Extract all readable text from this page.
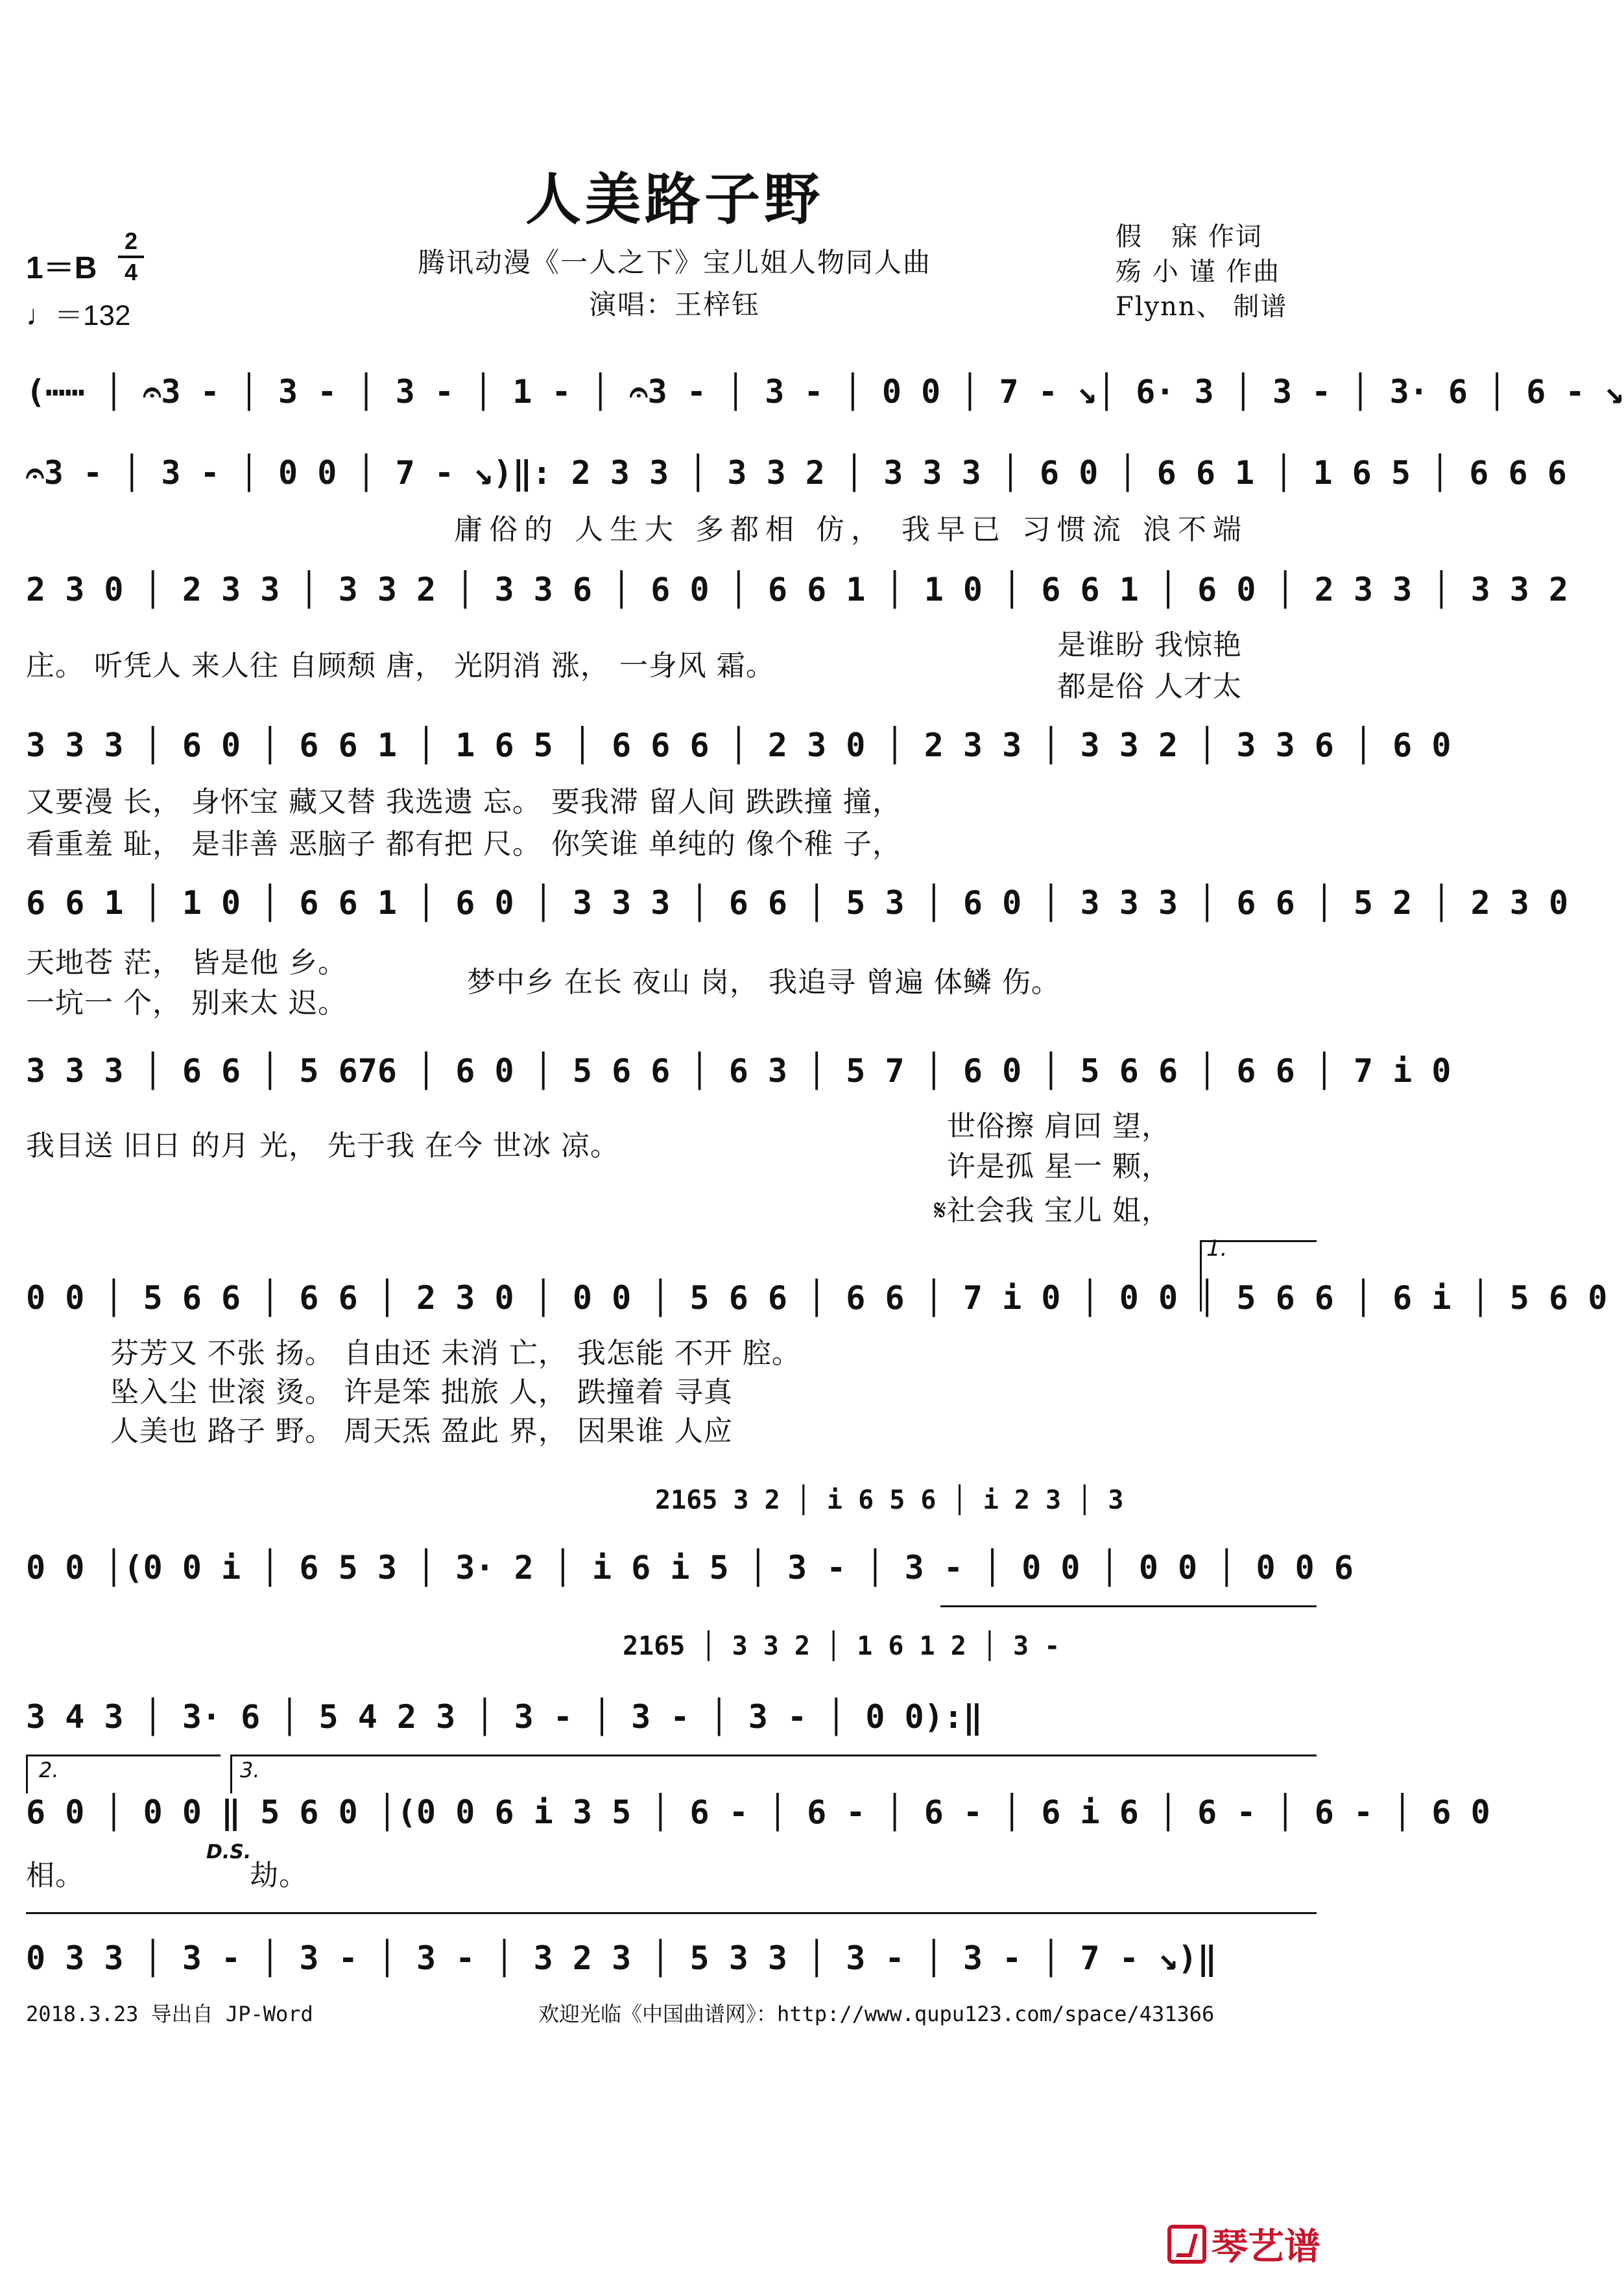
人美路子野
腾讯动漫《一人之下》宝儿姐人物同人曲
演唱：王梓钰
1＝B
2
4
♩＝132
假   寐 作词
殇 小 谨 作曲
Flynn、 制谱
(⋯⋯ │ 𝄐3 - │ 3 - │ 3 - │ 1 - │ 𝄐3 - │ 3 - │ 0 0 │ 7 - ↘│ 6· 3 │ 3 - │ 3· 6 │ 6 - ↘
𝄐3 - │ 3 - │ 0 0 │ 7 - ↘)‖: 2 3 3 │ 3 3 2 │ 3 3 3 │ 6 0 │ 6 6 1 │ 1 6 5 │ 6 6 6
庸俗的 人生大 多都相 仿， 我早已 习惯流 浪不端
2 3 0 │ 2 3 3 │ 3 3 2 │ 3 3 6 │ 6 0 │ 6 6 1 │ 1 0 │ 6 6 1 │ 6 0 │ 2 3 3 │ 3 3 2
庄。 听凭人 来人往 自顾颓 唐， 光阴消 涨， 一身风 霜。
是谁盼 我惊艳
都是俗 人才太
3 3 3 │ 6 0 │ 6 6 1 │ 1 6 5 │ 6 6 6 │ 2 3 0 │ 2 3 3 │ 3 3 2 │ 3 3 6 │ 6 0
又要漫 长， 身怀宝 藏又替 我选遗 忘。 要我滞 留人间 跌跌撞 撞，
看重羞 耻， 是非善 恶脑子 都有把 尺。 你笑谁 单纯的 像个稚 子，
6 6 1 │ 1 0 │ 6 6 1 │ 6 0 │ 3 3 3 │ 6 6 │ 5 3 │ 6 0 │ 3 3 3 │ 6 6 │ 5 2 │ 2 3 0
天地苍 茫， 皆是他 乡。
一坑一 个， 别来太 迟。
梦中乡 在长 夜山 岗， 我追寻 曾遍 体鳞 伤。
3 3 3 │ 6 6 │ 5 676 │ 6 0 │ 5 6 6 │ 6 3 │ 5 7 │ 6 0 │ 5 6 6 │ 6 6 │ 7 i 0
我目送 旧日 的月 光， 先于我 在今 世冰 凉。
世俗擦 肩回 望，
许是孤 星一 颗，
𝄋社会我 宝儿 姐，
1.
0 0 │ 5 6 6 │ 6 6 │ 2 3 0 │ 0 0 │ 5 6 6 │ 6 6 │ 7 i 0 │ 0 0 │ 5 6 6 │ 6 i │ 5 6 0
芬芳又 不张 扬。 自由还 未消 亡， 我怎能 不开 腔。
坠入尘 世滚 烫。 许是笨 拙旅 人， 跌撞着 寻真
人美也 路子 野。 周天炁 盈此 界， 因果谁 人应
2165 3 2 │ i 6 5 6 │ i 2 3 │ 3
0 0 │(0 0 i │ 6 5 3 │ 3· 2 │ i 6 i 5 │ 3 - │ 3 - │ 0 0 │ 0 0 │ 0 0 6
2165 │ 3 3 2 │ 1 6 1 2 │ 3 -
3 4 3 │ 3· 6 │ 5 4 2 3 │ 3 - │ 3 - │ 3 - │ 0 0):‖
2.	3.
6 0 │ 0 0 ‖ 5 6 0 │(0 0 6 i 3 5 │ 6 - │ 6 - │ 6 - │ 6 i 6 │ 6 - │ 6 - │ 6 0
相。
D.S.
劫。
0 3 3 │ 3 - │ 3 - │ 3 - │ 3 2 3 │ 5 3 3 │ 3 - │ 3 - │ 7 - ↘)‖
2018.3.23 导出自 JP-Word	欢迎光临《中国曲谱网》：http://www.qupu123.com/space/431366
琴艺谱
